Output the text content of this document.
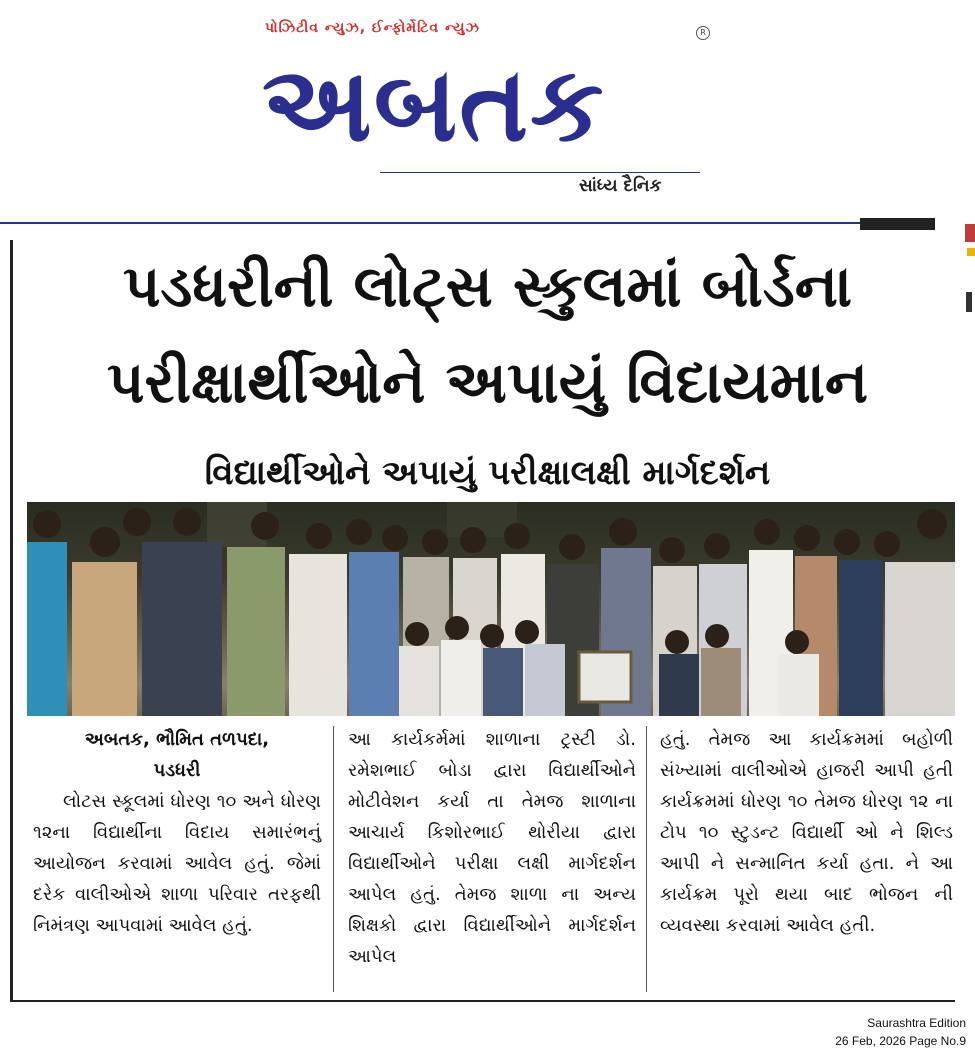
પોઝિટીવ ન્યુઝ, ઈન્ફોર્મેટિવ ન્યુઝ	R
અબતક
સાંધ્ય દૈનિક
પડધરીની લોટ્સ સ્કુલમાં બોર્ડના
પરીક્ષાર્થીઓને અપાયું વિદાયમાન
વિદ્યાર્થીઓને અપાયું પરીક્ષાલક્ષી માર્ગદર્શન
અબતક, ભૌમિત તળપદા,
પડધરી
લોટસ સ્કૂલમાં ધોરણ ૧૦ અને ધોરણ ૧૨ના વિદ્યાર્થીના વિદાય સમારંભનું આયોજન કરવામાં આવેલ હતું. જેમાં દરેક વાલીઓએ શાળા પરિવાર તરફથી નિમંત્રણ આપવામાં આવેલ હતું.
આ કાર્યકર્મમાં શાળાના ટ્રસ્ટી ડો. રમેશભાઈ બોડા દ્વારા વિદ્યાર્થીઓને મોટીવેશન કર્યા તા તેમજ શાળાના આચાર્ય કિશોરભાઈ થોરીયા દ્વારા વિદ્યાર્થીઓને પરીક્ષા લક્ષી માર્ગદર્શન આપેલ હતું. તેમજ શાળા ના અન્ય શિક્ષકો દ્વારા વિદ્યાર્થીઓને માર્ગદર્શન આપેલ
હતું. તેમજ આ કાર્યક્રમમાં બહોળી સંખ્યામાં વાલીઓએ હાજરી આપી હતી કાર્યક્રમમાં ધોરણ ૧૦ તેમજ ધોરણ ૧૨ ના ટોપ ૧૦ સ્ટુડન્ટ વિદ્યાર્થી ઓ ને શિલ્ડ આપી ને સન્માનિત કર્યા હતા. ને આ કાર્યક્રમ પૂરો થયા બાદ ભોજન ની વ્યવસ્થા કરવામાં આવેલ હતી.
Saurashtra Edition
26 Feb, 2026 Page No.9
